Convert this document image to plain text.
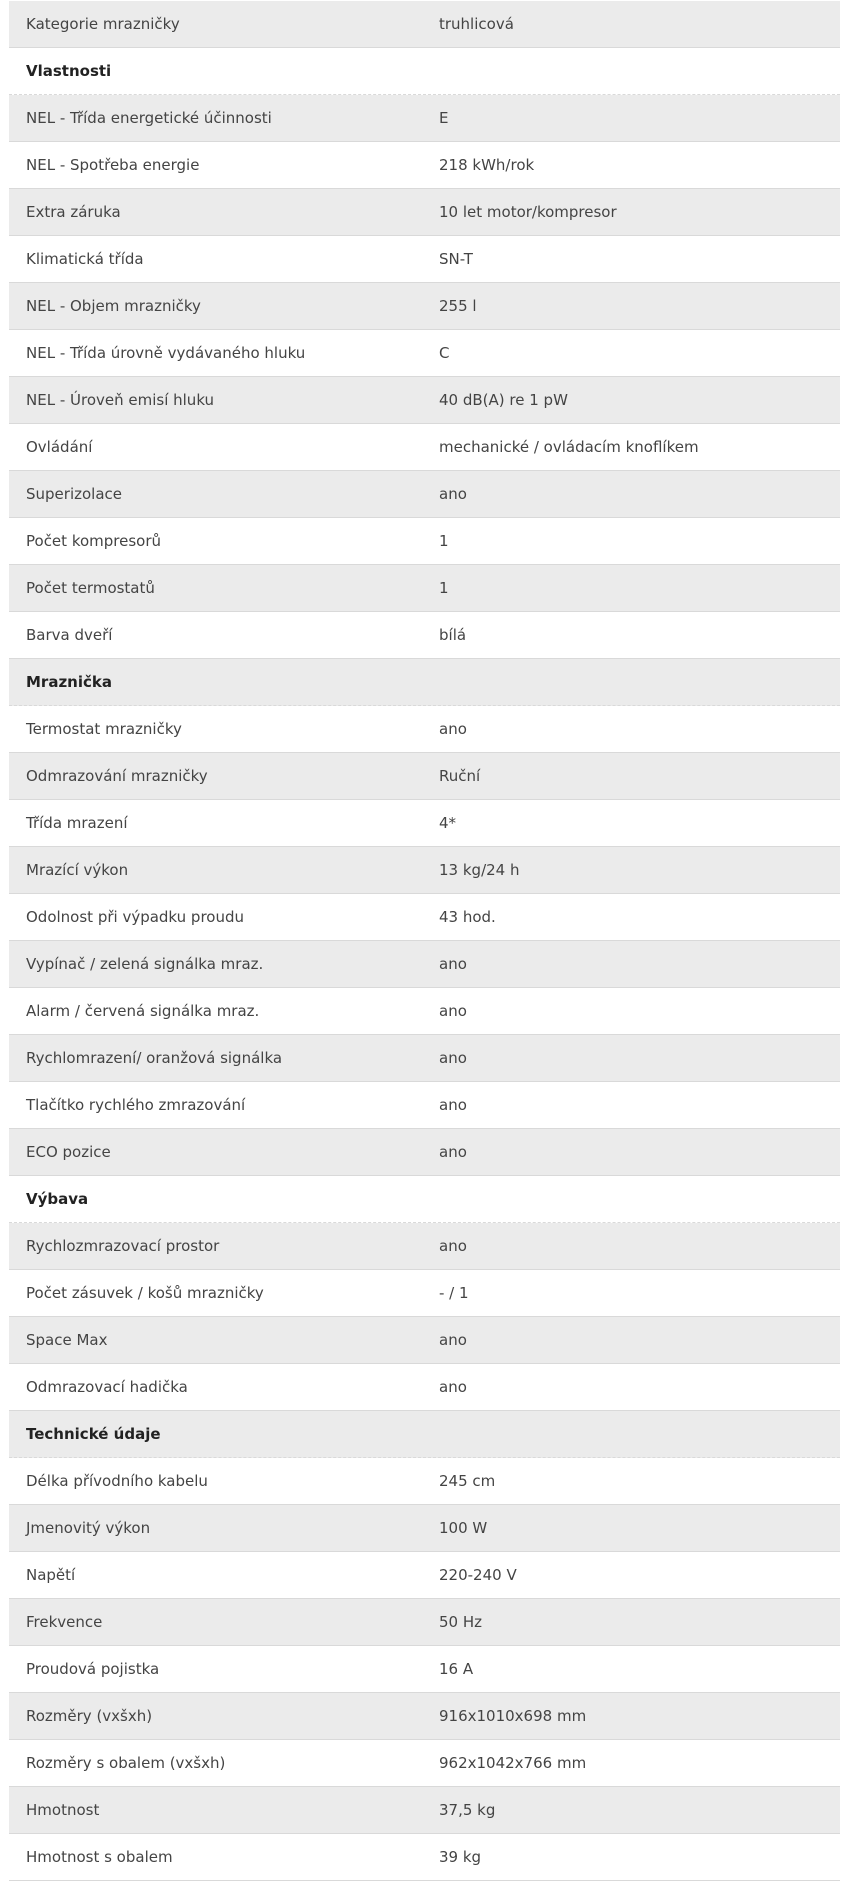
Kategorie mrazničky	truhlicová
Vlastnosti
NEL - Třída energetické účinnosti	E
NEL - Spotřeba energie	218 kWh/rok
Extra záruka	10 let motor/kompresor
Klimatická třída	SN-T
NEL - Objem mrazničky	255 l
NEL - Třída úrovně vydávaného hluku	C
NEL - Úroveň emisí hluku	40 dB(A) re 1 pW
Ovládání	mechanické / ovládacím knoflíkem
Superizolace	ano
Počet kompresorů	1
Počet termostatů	1
Barva dveří	bílá
Mraznička
Termostat mrazničky	ano
Odmrazování mrazničky	Ruční
Třída mrazení	4*
Mrazící výkon	13 kg/24 h
Odolnost při výpadku proudu	43 hod.
Vypínač / zelená signálka mraz.	ano
Alarm / červená signálka mraz.	ano
Rychlomrazení/ oranžová signálka	ano
Tlačítko rychlého zmrazování	ano
ECO pozice	ano
Výbava
Rychlozmrazovací prostor	ano
Počet zásuvek / košů mrazničky	- / 1
Space Max	ano
Odmrazovací hadička	ano
Technické údaje
Délka přívodního kabelu	245 cm
Jmenovitý výkon	100 W
Napětí	220-240 V
Frekvence	50 Hz
Proudová pojistka	16 A
Rozměry (vxšxh)	916x1010x698 mm
Rozměry s obalem (vxšxh)	962x1042x766 mm
Hmotnost	37,5 kg
Hmotnost s obalem	39 kg
